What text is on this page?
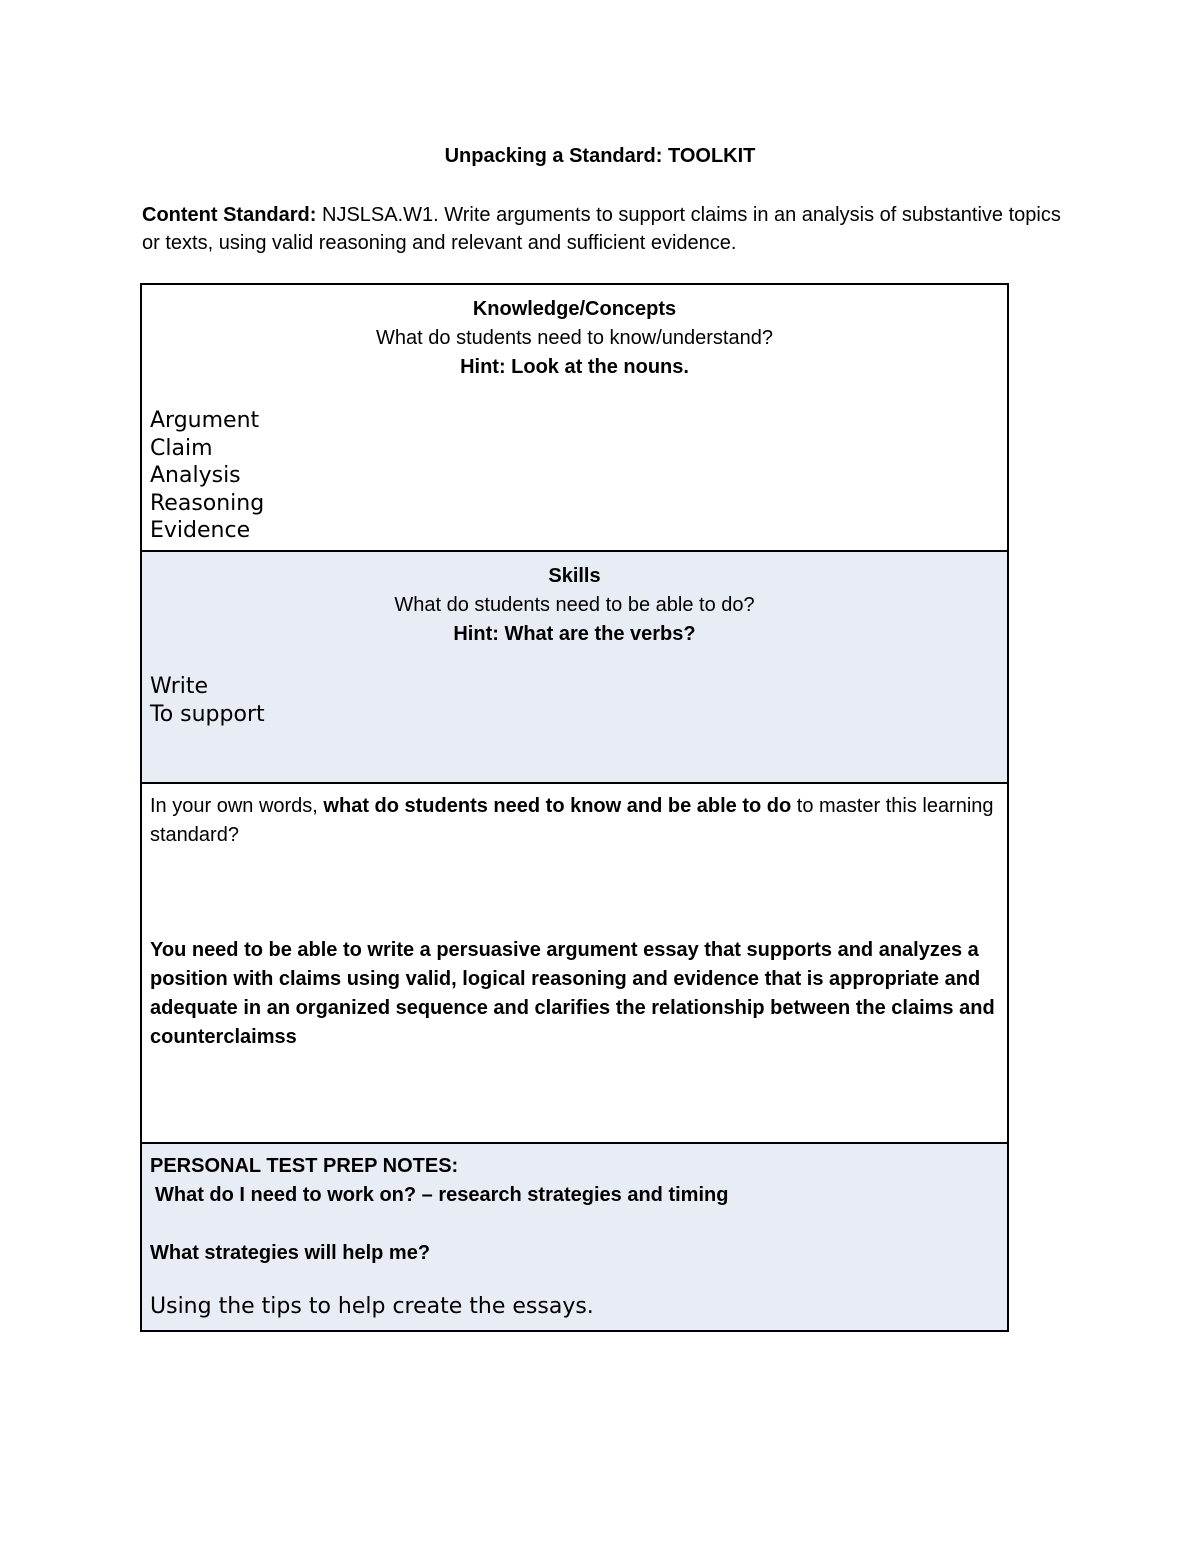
Unpacking a Standard: TOOLKIT
Content Standard: NJSLSA.W1. Write arguments to support claims in an analysis of substantive topics or texts, using valid reasoning and relevant and sufficient evidence.
Knowledge/Concepts
What do students need to know/understand?
Hint: Look at the nouns.
Argument
Claim
Analysis
Reasoning
Evidence
Skills
What do students need to be able to do?
Hint: What are the verbs?
Write
To support
In your own words, what do students need to know and be able to do to master this learning standard?
You need to be able to write a persuasive argument essay that supports and analyzes a position with claims using valid, logical reasoning and evidence that is appropriate and adequate in an organized sequence and clarifies the relationship between the claims and counterclaimss
PERSONAL TEST PREP NOTES:
What do I need to work on? – research strategies and timing
What strategies will help me?
Using the tips to help create the essays.
